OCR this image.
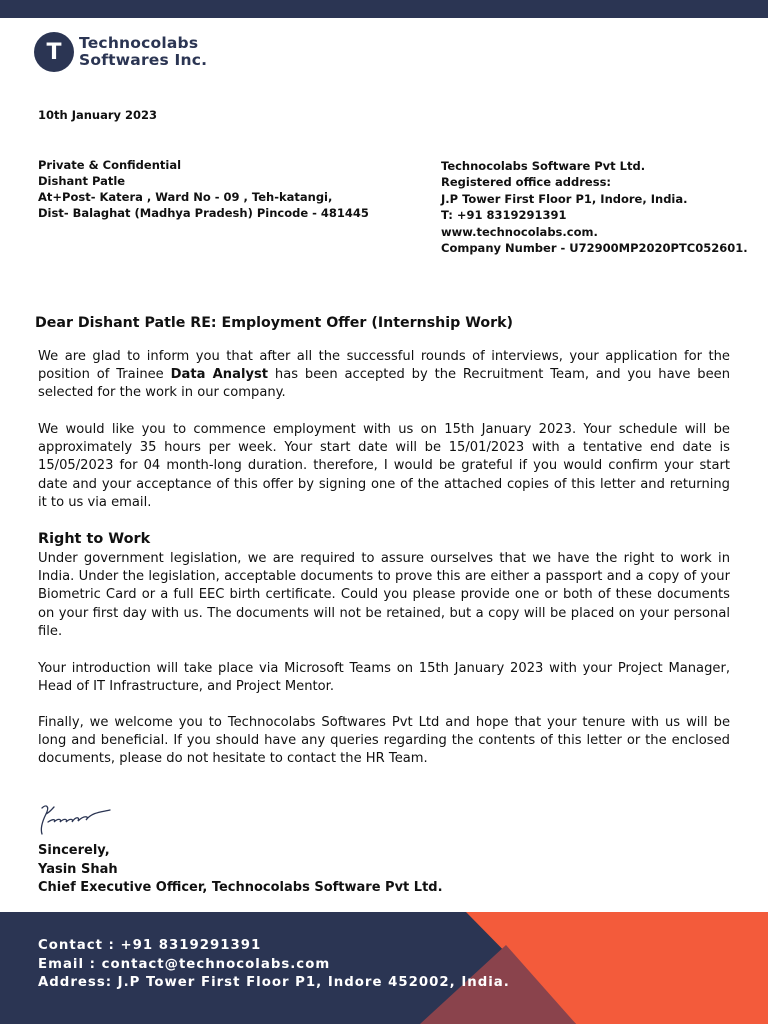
T	Technocolabs
Softwares Inc.
10th January 2023
Private & Confidential
Dishant Patle
At+Post- Katera , Ward No - 09 , Teh-katangi,
Dist- Balaghat (Madhya Pradesh) Pincode - 481445
Technocolabs Software Pvt Ltd.
Registered office address:
J.P Tower First Floor P1, Indore, India.
T: +91 8319291391
www.technocolabs.com.
Company Number - U72900MP2020PTC052601.
Dear Dishant Patle RE: Employment Offer (Internship Work)

We are glad to inform you that after all the successful rounds of interviews, your application for the position of Trainee Data Analyst has been accepted by the Recruitment Team, and you have been selected for the work in our company.

We would like you to commence employment with us on 15th January 2023. Your schedule will be approximately 35 hours per week. Your start date will be 15/01/2023 with a tentative end date is 15/05/2023 for 04 month-long duration. therefore, I would be grateful if you would confirm your start date and your acceptance of this offer by signing one of the attached copies of this letter and returning it to us via email.

Right to Work

Under government legislation, we are required to assure ourselves that we have the right to work in India. Under the legislation, acceptable documents to prove this are either a passport and a copy of your Biometric Card or a full EEC birth certificate. Could you please provide one or both of these documents on your first day with us. The documents will not be retained, but a copy will be placed on your personal file.

Your introduction will take place via Microsoft Teams on 15th January 2023 with your Project Manager, Head of IT Infrastructure, and Project Mentor.

Finally, we welcome you to Technocolabs Softwares Pvt Ltd and hope that your tenure with us will be long and beneficial. If you should have any queries regarding the contents of this letter or the enclosed documents, please do not hesitate to contact the HR Team.

Sincerely,
Yasin Shah
Chief Executive Officer, Technocolabs Software Pvt Ltd.
Contact : +91 8319291391
Email : contact@technocolabs.com
Address: J.P Tower First Floor P1, Indore 452002, India.
